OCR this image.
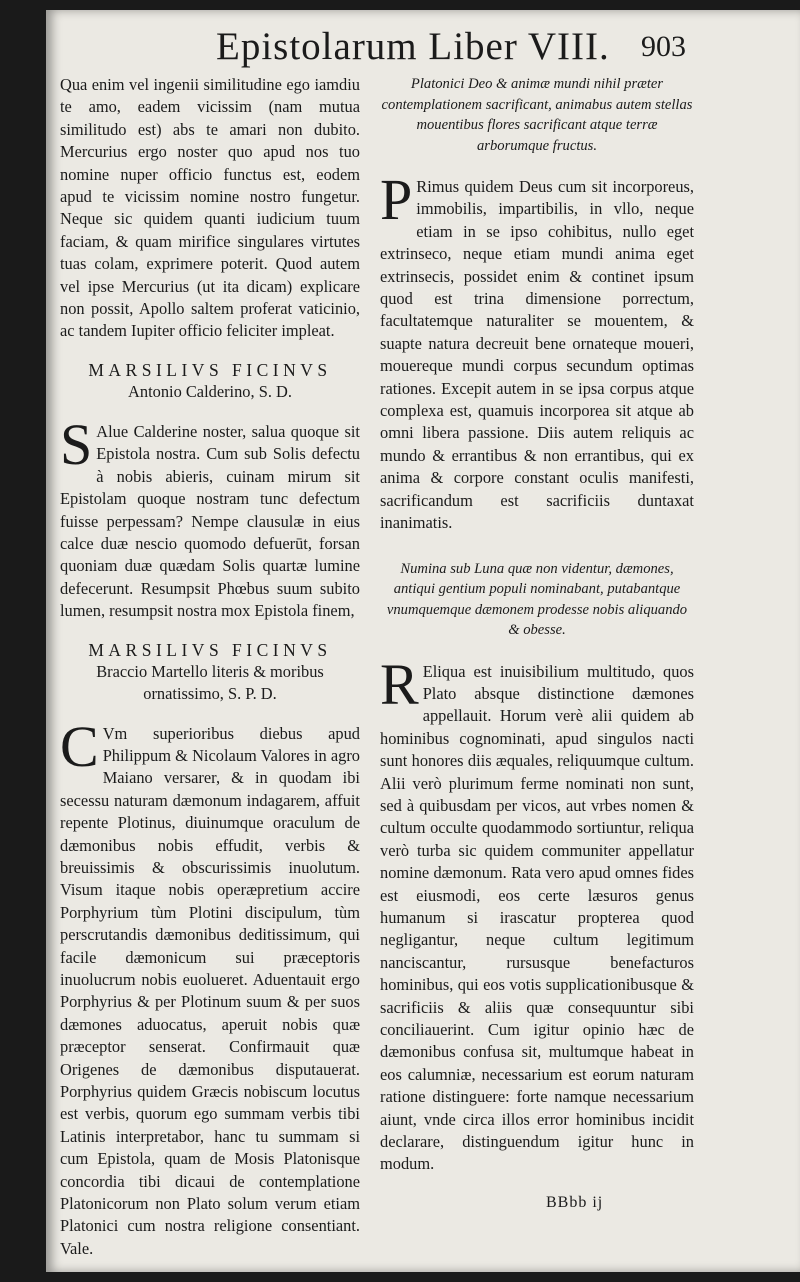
Epistolarum Liber VIII. 903

Qua enim vel ingenii similitudine ego iamdiu te amo, eadem vicissim (nam mutua similitudo est) abs te amari non dubito. Mercurius ergo noster quo apud nos tuo nomine nuper officio functus est, eodem apud te vicissim nomine nostro fungetur. Neque sic quidem quanti iudicium tuum faciam, & quam mirifice singulares virtutes tuas colam, exprimere poterit. Quod autem vel ipse Mercurius (ut ita dicam) explicare non possit, Apollo saltem proferat vaticinio, ac tandem Iupiter officio feliciter impleat.

MARSILIVS FICINVS
Antonio Calderino, S. D.

S Alue Calderine noster, salua quoque sit Epistola nostra. Cum sub Solis defectu à nobis abieris, cuinam mirum sit Epistolam quoque nostram tunc defectum fuisse perpessam? Nempe clausulæ in eius calce duæ nescio quomodo defuerūt, forsan quoniam duæ quædam Solis quartæ lumine defecerunt. Resumpsit Phœbus suum subito lumen, resumpsit nostra mox Epistola finem,

MARSILIVS FICINVS
Braccio Martello literis & moribus ornatissimo, S. P. D.

C Vm superioribus diebus apud Philippum & Nicolaum Valores in agro Maiano versarer, & in quodam ibi secessu naturam dæmonum indagarem, affuit repente Plotinus, diuinumque oraculum de dæmonibus nobis effudit, verbis & breuissimis & obscurissimis inuolutum. Visum itaque nobis operæpretium accire Porphyrium tùm Plotini discipulum, tùm perscrutandis dæmonibus deditissimum, qui facile dæmonicum sui præceptoris inuolucrum nobis euolueret. Aduentauit ergo Porphyrius & per Plotinum suum & per suos dæmones aduocatus, aperuit nobis quæ præceptor senserat. Confirmauit quæ Origenes de dæmonibus disputauerat. Porphyrius quidem Græcis nobiscum locutus est verbis, quorum ego summam verbis tibi Latinis interpretabor, hanc tu summam si cum Epistola, quam de Mosis Platonisque concordia tibi dicaui de contemplatione Platonicorum non Plato solum verum etiam Platonici cum nostra religione consentiant. Vale.

Platonici Deo & animæ mundi nihil præter contemplationem sacrificant, animabus autem stellas mouentibus flores sacrificant atque terræ arborumque fructus.

P Rimus quidem Deus cum sit incorporeus, immobilis, impartibilis, in vllo, neque etiam in se ipso cohibitus, nullo eget extrinseco, neque etiam mundi anima eget extrinsecis, possidet enim & continet ipsum quod est trina dimensione porrectum, facultatemque naturaliter se mouentem, & suapte natura decreuit bene ornateque moueri, mouereque mundi corpus secundum optimas rationes. Excepit autem in se ipsa corpus atque complexa est, quamuis incorporea sit atque ab omni libera passione. Diis autem reliquis ac mundo & errantibus & non errantibus, qui ex anima & corpore constant oculis manifesti, sacrificandum est sacrificiis duntaxat inanimatis.

Numina sub Luna quæ non videntur, dæmones, antiqui gentium populi nominabant, putabantque vnumquemque dæmonem prodesse nobis aliquando & obesse.

R Eliqua est inuisibilium multitudo, quos Plato absque distinctione dæmones appellauit. Horum verè alii quidem ab hominibus cognominati, apud singulos nacti sunt honores diis æquales, reliquumque cultum. Alii verò plurimum ferme nominati non sunt, sed à quibusdam per vicos, aut vrbes nomen & cultum occulte quodammodo sortiuntur, reliqua verò turba sic quidem communiter appellatur nomine dæmonum. Rata vero apud omnes fides est eiusmodi, eos certe læsuros genus humanum si irascatur propterea quod negligantur, neque cultum legitimum nanciscantur, rursusque benefacturos hominibus, qui eos votis supplicationibusque & sacrificiis & aliis quæ consequuntur sibi conciliauerint. Cum igitur opinio hæc de dæmonibus confusa sit, multumque habeat in eos calumniæ, necessarium est eorum naturam ratione distinguere: forte namque necessarium aiunt, vnde circa illos error hominibus incidit declarare, distinguendum igitur hunc in modum.

BBbb ij
